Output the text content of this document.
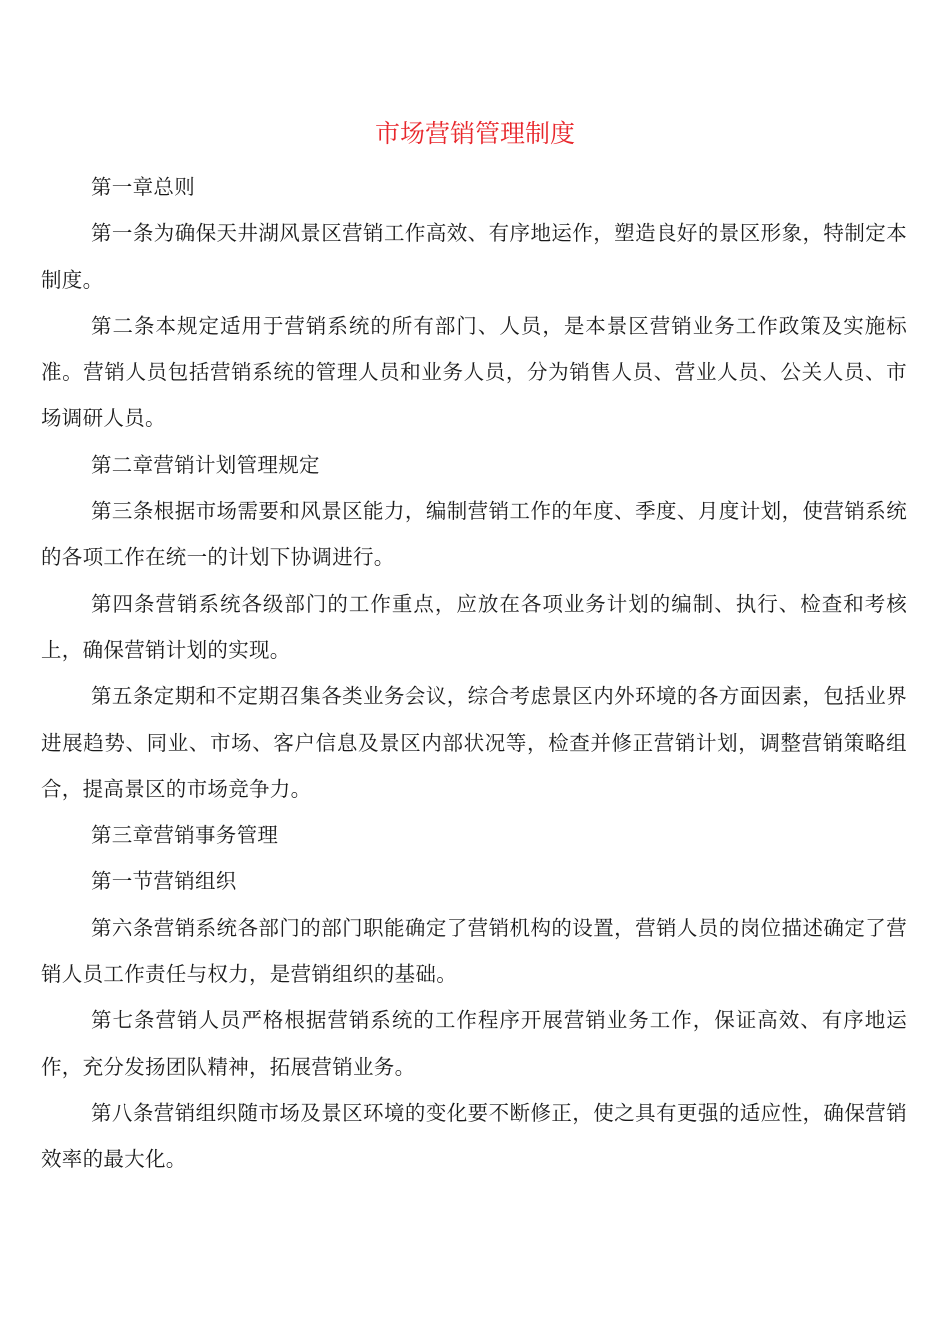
市场营销管理制度

第一章总则

第一条为确保天井湖风景区营销工作高效、有序地运作，塑造良好的景区形象，特制定本制度。

第二条本规定适用于营销系统的所有部门、人员，是本景区营销业务工作政策及实施标准。营销人员包括营销系统的管理人员和业务人员，分为销售人员、营业人员、公关人员、市场调研人员。

第二章营销计划管理规定

第三条根据市场需要和风景区能力，编制营销工作的年度、季度、月度计划，使营销系统的各项工作在统一的计划下协调进行。

第四条营销系统各级部门的工作重点，应放在各项业务计划的编制、执行、检查和考核上，确保营销计划的实现。

第五条定期和不定期召集各类业务会议，综合考虑景区内外环境的各方面因素，包括业界进展趋势、同业、市场、客户信息及景区内部状况等，检查并修正营销计划，调整营销策略组合，提高景区的市场竞争力。

第三章营销事务管理

第一节营销组织

第六条营销系统各部门的部门职能确定了营销机构的设置，营销人员的岗位描述确定了营销人员工作责任与权力，是营销组织的基础。

第七条营销人员严格根据营销系统的工作程序开展营销业务工作，保证高效、有序地运作，充分发扬团队精神，拓展营销业务。

第八条营销组织随市场及景区环境的变化要不断修正，使之具有更强的适应性，确保营销效率的最大化。
